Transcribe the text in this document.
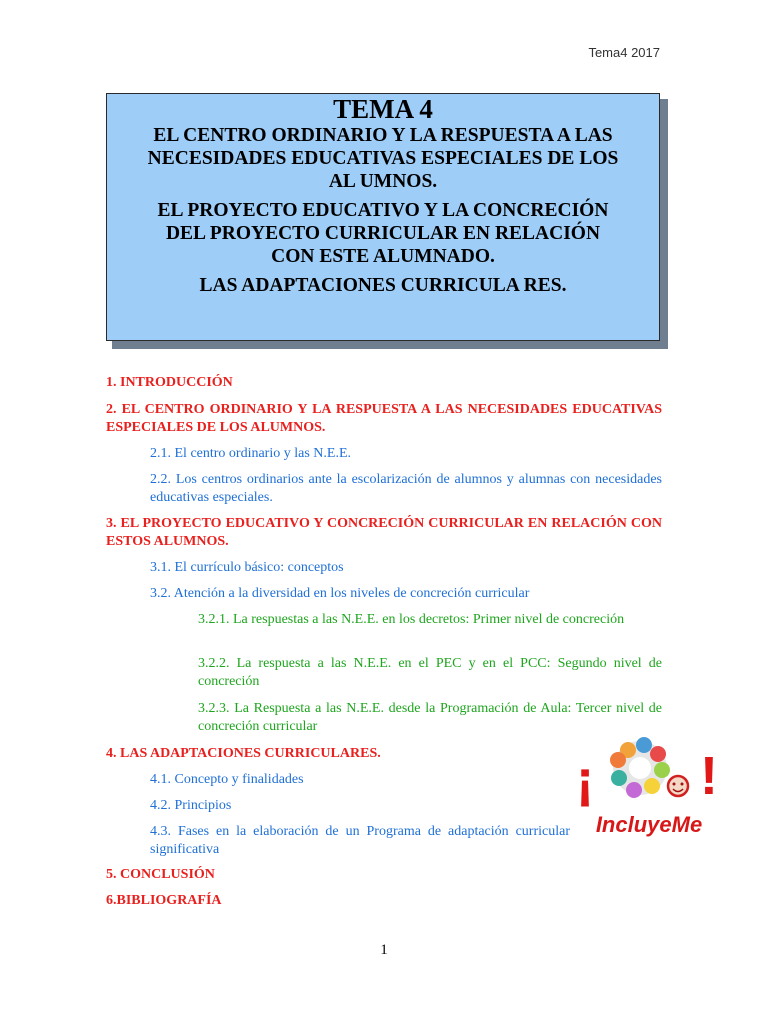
Tema4 2017
TEMA 4
EL CENTRO ORDINARIO Y LA RESPUESTA A LAS
NECESIDADES EDUCATIVAS ESPECIALES DE LOS
AL UMNOS.
EL PROYECTO EDUCATIVO Y LA CONCRECIÓN
DEL PROYECTO CURRICULAR EN RELACIÓN
CON ESTE ALUMNADO.
LAS ADAPTACIONES CURRICULA RES.
1. INTRODUCCIÓN
2. EL CENTRO ORDINARIO Y LA RESPUESTA A LAS NECESIDADES EDUCATIVAS ESPECIALES DE LOS ALUMNOS.
2.1. El centro ordinario y las N.E.E.
2.2. Los centros ordinarios ante la escolarización de alumnos y alumnas con necesidades educativas especiales.
3. EL PROYECTO EDUCATIVO Y CONCRECIÓN CURRICULAR EN RELACIÓN CON ESTOS ALUMNOS.
3.1. El currículo básico: conceptos
3.2. Atención a la diversidad en los niveles de concreción curricular
3.2.1. La respuestas a las N.E.E. en los decretos: Primer nivel de concreción
3.2.2. La respuesta a las N.E.E. en el PEC y en el PCC: Segundo nivel de concreción
3.2.3. La Respuesta a las N.E.E. desde la Programación de Aula: Tercer nivel de concreción curricular
4. LAS ADAPTACIONES CURRICULARES.
4.1. Concepto y finalidades
4.2. Principios
4.3. Fases en la elaboración de un Programa de adaptación curricular significativa
5. CONCLUSIÓN
6.BIBLIOGRAFÍA
¡ !
IncluyeMe
1
